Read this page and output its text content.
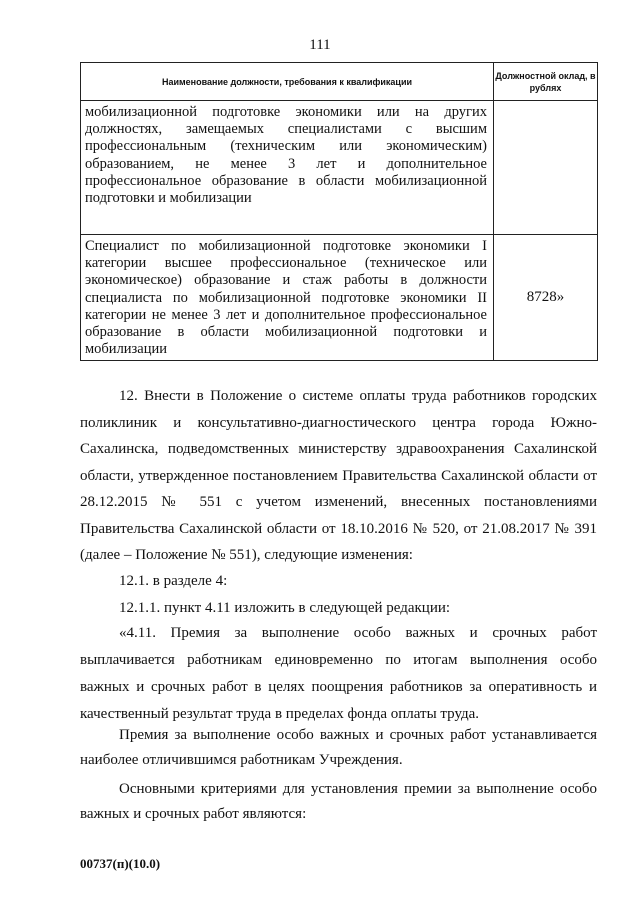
111
Наименование должности, требования к квалификации	Должностной оклад, в рублях

мобилизационной подготовке экономики или на других должностях, замещаемых специалистами с высшим профессиональным (техническим или экономическим) образованием, не менее 3 лет и дополнительное профессиональное образование в области мобилизационной подготовки и мобилизации	

Специалист по мобилизационной подготовке экономики I категории высшее профессиональное (техническое или экономическое) образование и стаж работы в должности специалиста по мобилизационной подготовке экономики II категории не менее 3 лет и дополнительное профессиональное образование в области мобилизационной подготовки и мобилизации	8728»

12. Внести в Положение о системе оплаты труда работников городских поликлиник и консультативно-диагностического центра города Южно-Сахалинска, подведомственных министерству здравоохранения Сахалинской области, утвержденное постановлением Правительства Сахалинской области от 28.12.2015 № 551 с учетом изменений, внесенных постановлениями Правительства Сахалинской области от 18.10.2016 № 520, от 21.08.2017 № 391 (далее – Положение № 551), следующие изменения:

12.1. в разделе 4:

12.1.1. пункт 4.11 изложить в следующей редакции:

«4.11. Премия за выполнение особо важных и срочных работ выплачивается работникам единовременно по итогам выполнения особо важных и срочных работ в целях поощрения работников за оперативность и качественный результат труда в пределах фонда оплаты труда.

Премия за выполнение особо важных и срочных работ устанавливается наиболее отличившимся работникам Учреждения.

Основными критериями для установления премии за выполнение особо важных и срочных работ являются:

00737(п)(10.0)
